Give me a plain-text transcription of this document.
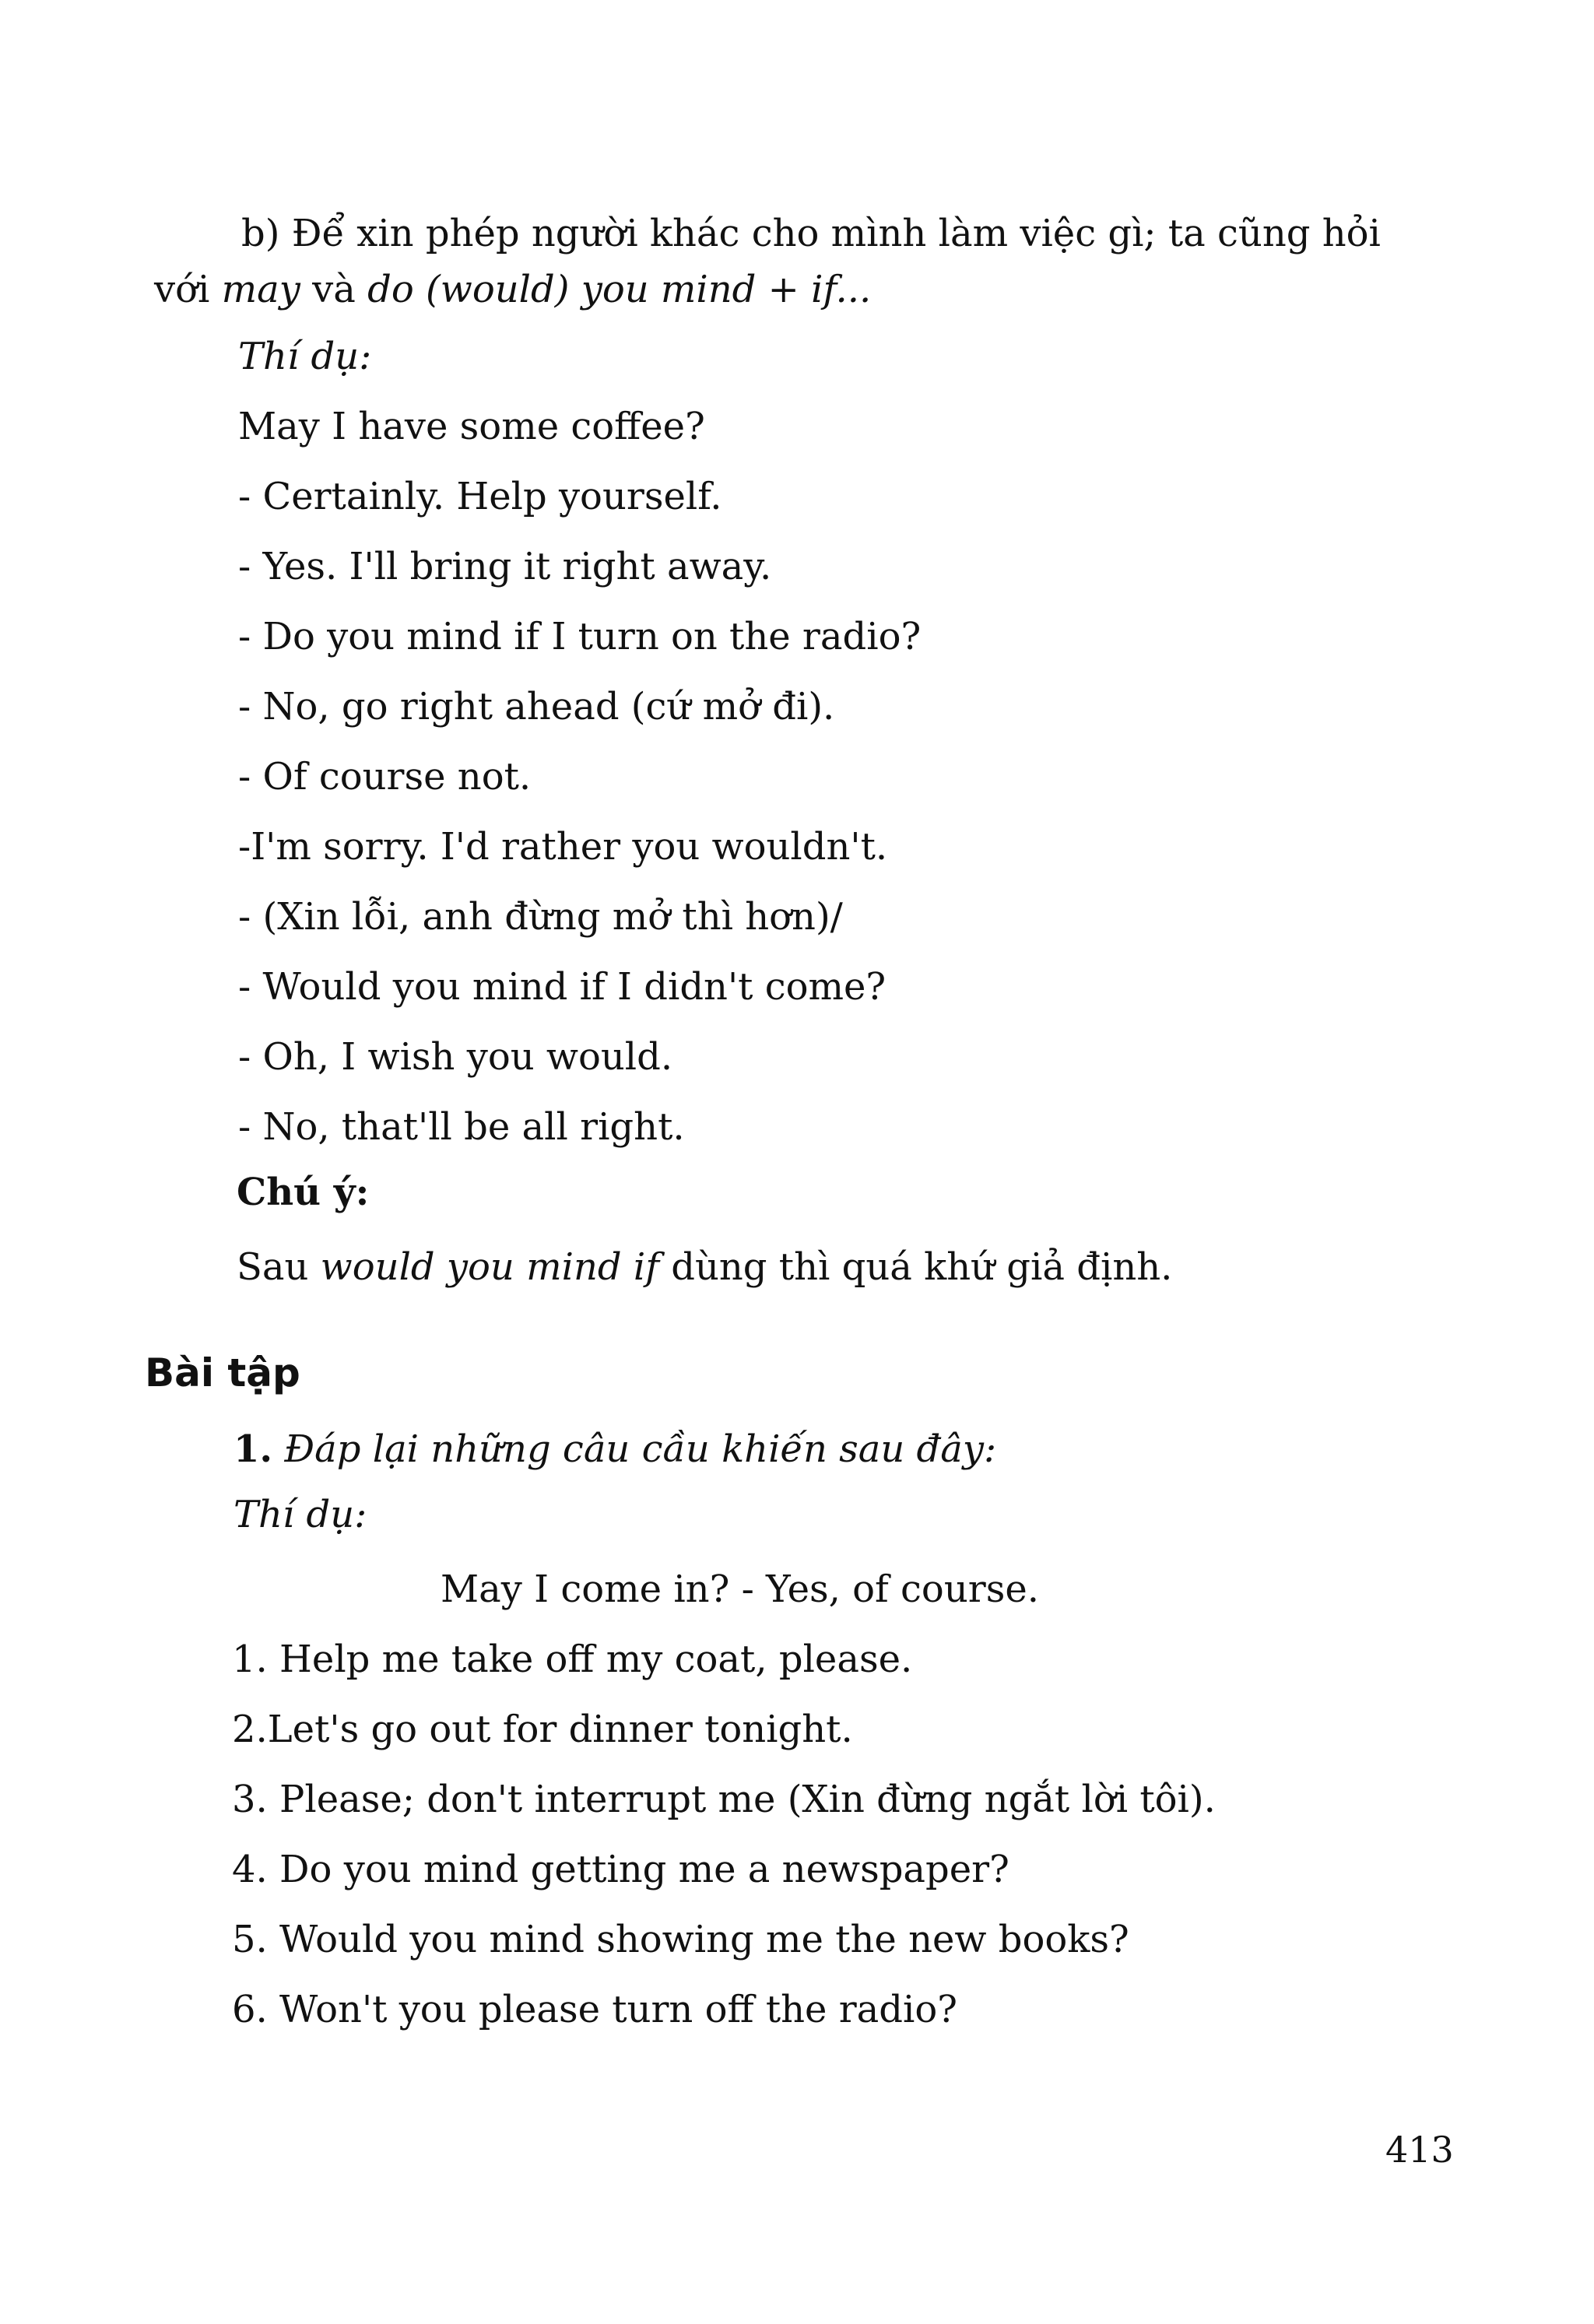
b) Để xin phép người khác cho mình làm việc gì; ta cũng hỏi
với may và do (would) you mind + if...
Thí dụ:
May I have some coffee?
- Certainly. Help yourself.
- Yes. I'll bring it right away.
- Do you mind if I turn on the radio?
- No, go right ahead (cứ mở đi).
- Of course not.
-I'm sorry. I'd rather you wouldn't.
- (Xin lỗi, anh đừng mở thì hơn)/
- Would you mind if I didn't come?
- Oh, I wish you would.
- No, that'll be all right.
Chú ý:
Sau would you mind if dùng thì quá khứ giả định.
Bài tập
1. Đáp lại những câu cầu khiến sau đây:
Thí dụ:
May I come in? - Yes, of course.
1. Help me take off my coat, please.
2.Let's go out for dinner tonight.
3. Please; don't interrupt me (Xin đừng ngắt lời tôi).
4. Do you mind getting me a newspaper?
5. Would you mind showing me the new books?
6. Won't you please turn off the radio?
413
